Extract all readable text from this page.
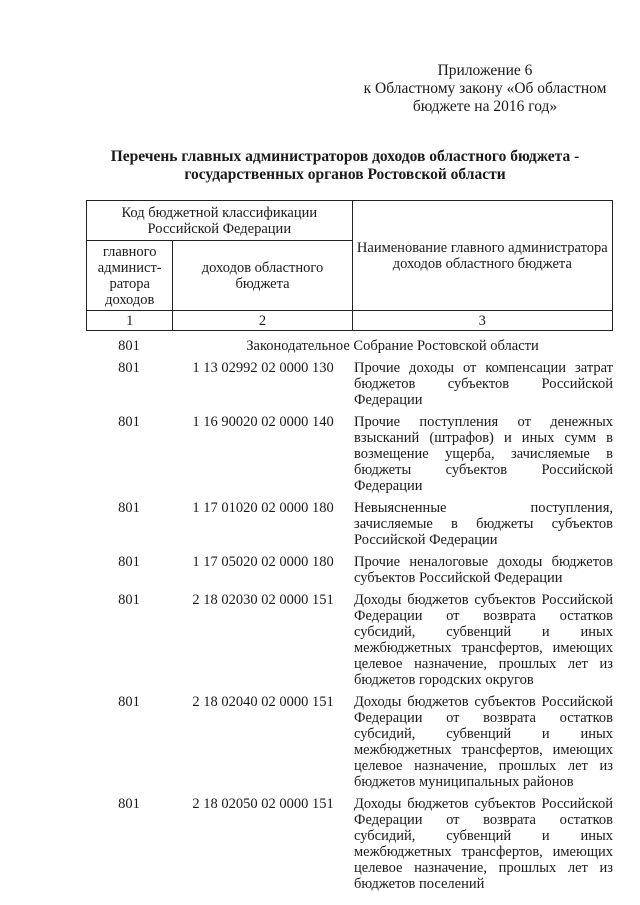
Приложение 6
к Областному закону «Об областном
бюджете на 2016 год»
Перечень главных администраторов доходов областного бюджета -
государственных органов Ростовской области
Код бюджетной классификации Российской Федерации		Наименование главного администратора доходов областного бюджета
главного админист-ратора доходов	доходов областного бюджета	
1	2	3
801	Законодательное Собрание Ростовской области
801	1 13 02992 02 0000 130	Прочие доходы от компенсации затрат бюджетов субъектов Российской Федерации
801	1 16 90020 02 0000 140	Прочие поступления от денежных взысканий (штрафов) и иных сумм в возмещение ущерба, зачисляемые в бюджеты субъектов Российской Федерации
801	1 17 01020 02 0000 180	Невыясненные поступления, зачисляемые в бюджеты субъектов Российской Федерации
801	1 17 05020 02 0000 180	Прочие неналоговые доходы бюджетов субъектов Российской Федерации
801	2 18 02030 02 0000 151	Доходы бюджетов субъектов Российской Федерации от возврата остатков субсидий, субвенций и иных межбюджетных трансфертов, имеющих целевое назначение, прошлых лет из бюджетов городских округов
801	2 18 02040 02 0000 151	Доходы бюджетов субъектов Российской Федерации от возврата остатков субсидий, субвенций и иных межбюджетных трансфертов, имеющих целевое назначение, прошлых лет из бюджетов муниципальных районов
801	2 18 02050 02 0000 151	Доходы бюджетов субъектов Российской Федерации от возврата остатков субсидий, субвенций и иных межбюджетных трансфертов, имеющих целевое назначение, прошлых лет из бюджетов поселений
